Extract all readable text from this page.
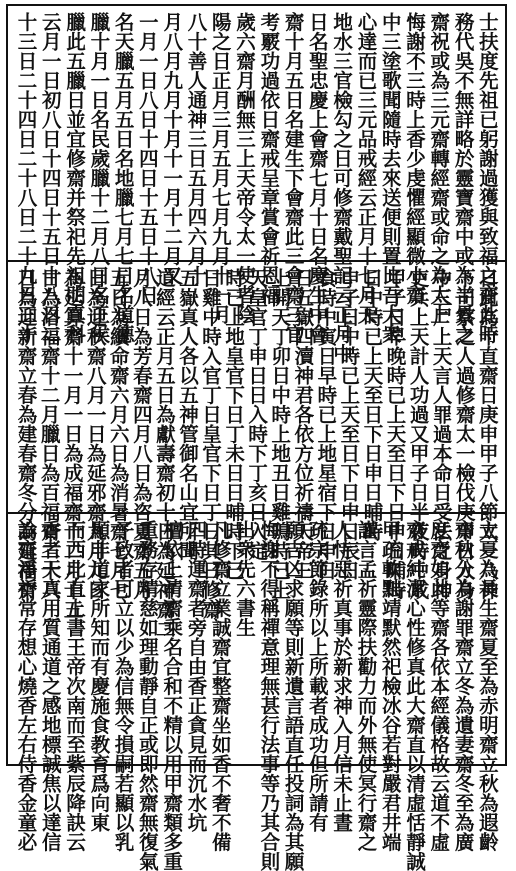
士扶度先祖已躬謝過獲與致福之齋此時
務代吳不無詳略於靈寶齋中或為半景之
齋祝或為三元齋轉經齋或命之為太上
悔謝不三時上香少虔懼經顯微小齋
中三塗歌聞隨時去來送便則置比吾大衆
心達而已三元品戒經云正月十七月天
地水三官檢勾之日可修齋戴聖記云正月中
日名聖忠慶上會齋七月十日名慶生中會
齋十月五日名建生下會齋此三會齋三官
考覈功過依日齋戒呈章賞會祈恩福
歲六齋月酬無三上天帝令太一使者陰
陽之日正月三月五月七月九月十一月
八十善人通神三日五月四六月十
月八月九月十月十一月十二月又
一月一日八日十四日十五日十八日
名天臘五月五日名地臘七月七日名道德
臘十月一日名民歲臘十二月八日名王侯
臘此五臘日並宜修齋并祭祀先祖明真科
云月一日初八日十四日十五日十八日二
十三日二十四日二十八日二十九日三十
日此為十直齋日庚申甲子八節太一八神
下司察之人過修齋太一檢伐庚申日人身
中三尸上天言人罪過本命日受法之身神
吏兵上天計人功過又甲子日半夜時中成
甲子日早晚時已上天至日下日申日晡時
日中時已上天至日下日申日晡時
申子日中時已上天至日下日申日辰日
食時中寅日早時已上地星宿下日申日
日五嶽四瀆神君各依方位祈禱天帝三
上開天丁卯日中時上地丑日雞鳴時已上
天皇官丁申日日入時下丁亥日入定
時已上地皇官下日丁未日日晡時下已
日雞中時入官丁日皇官下日丁日其日修齋
五嶽真人各以五神管御名山宜所聞
道經云正月五日為獻壽齋初十日為延神齋二
月八日為芳春齋四月八日為咨夏齋五月
五日為續命齋六月六日為消暑齋七月七
日為迎秋齋八月一日為延邪齋九月九日
為延算齋十一月一日為成福齋十二月十五
日為洛福齋十二月臘日為百福齋二十八
日為迎新齋立春為建春齋冬分為延福齋
立夏為長生齋夏至為赤明齋立秋為遐齡
齋秋分為謝罪齋立冬為遺妻齋冬至為廣
度齋如此等齋各依本經儀格故云道不虛
齋戒純潔心性修真此大齋直以清虛恬靜誠
甲疏軟黜靖默然祀檢冰谷若對嚴君井端
謹言孟祈靈際扶勸力而外無使冥行齋之
人恃惡祈真事於新求神入月信未止晝
疏宗節錄所以上所載者成功但所請有
願吉凶求願等則新遺言語直任投詞為其願
悔謝不得稱禪意理無甚行法事等乃其合則
出衆先六書生
凡修齋立業誠齋宜整齋坐如香不奢不備
四時運齋者旁自由香正貪見而沉水坑
檀依上清齋乘名合和不精以用甲齋類多重
重務存精慈如理動靜自正或即然齋無復氣
子致者可立以少為信無令損嗣若顯以乳
顯非道家所知而有慶施食教育爲向東
而西北直上書王帝次南而至紫辰降訣云
香者天真用質通道之感地標誠焦以達信
論齋淨祈常存想心燒香左右侍香金童必
